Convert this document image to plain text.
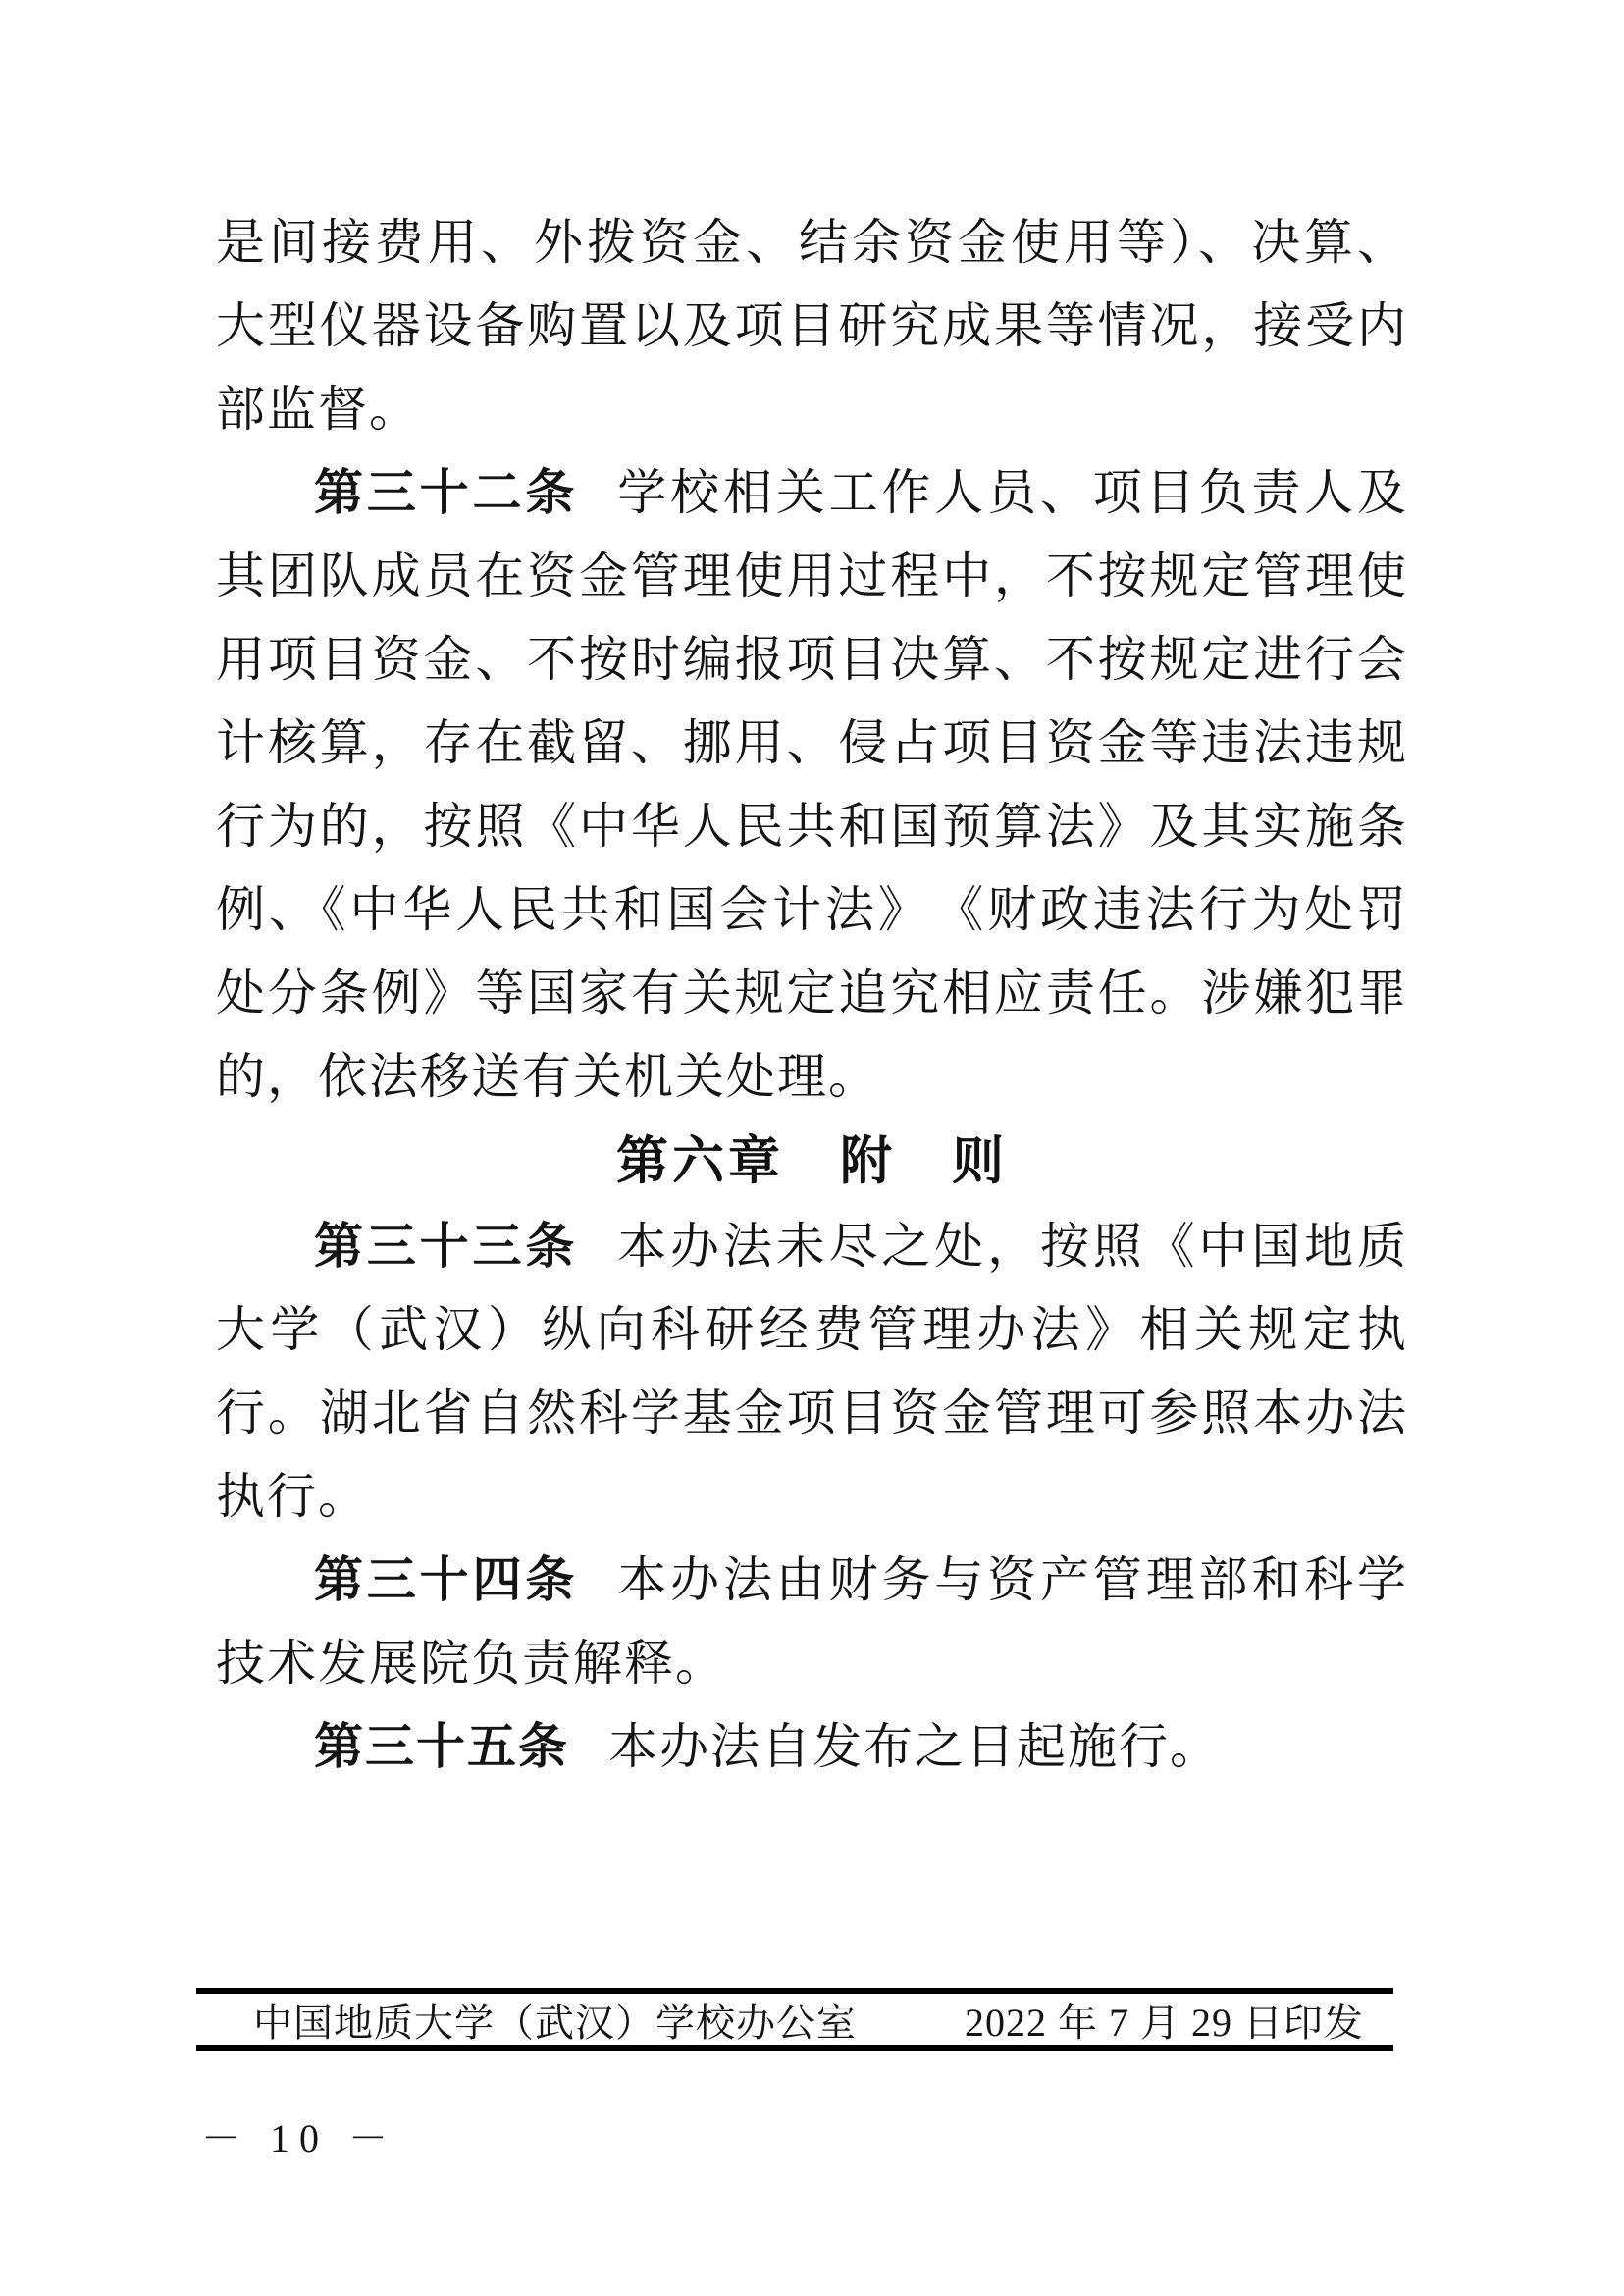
是间接费用、外拨资金、结余资金使用等）、决算、大型仪器设备购置以及项目研究成果等情况，接受内部监督。

第三十二条 学校相关工作人员、项目负责人及其团队成员在资金管理使用过程中，不按规定管理使用项目资金、不按时编报项目决算、不按规定进行会计核算，存在截留、挪用、侵占项目资金等违法违规行为的，按照《中华人民共和国预算法》及其实施条例、《中华人民共和国会计法》　《财政违法行为处罚处分条例》等国家有关规定追究相应责任。涉嫌犯罪的，依法移送有关机关处理。

第六章　附　则

第三十三条 本办法未尽之处，按照《中国地质大学（武汉）纵向科研经费管理办法》相关规定执行。湖北省自然科学基金项目资金管理可参照本办法执行。

第三十四条 本办法由财务与资产管理部和科学技术发展院负责解释。

第三十五条 本办法自发布之日起施行。

中国地质大学（武汉）学校办公室	2022 年 7 月 29 日印发
－ 10 －
